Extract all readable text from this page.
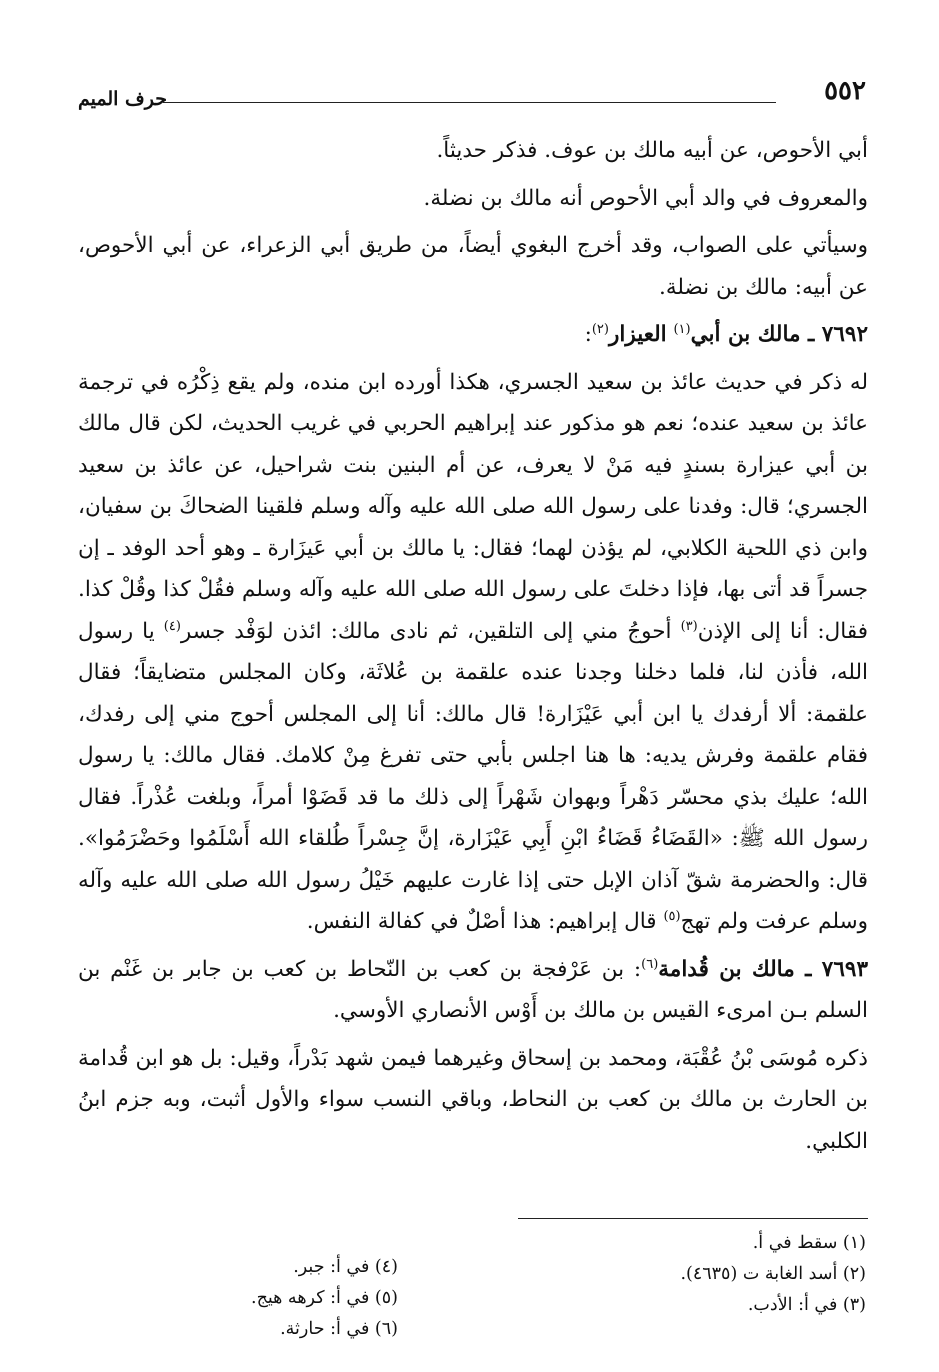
٥٥٢
حرف الميم

أبي الأحوص، عن أبيه مالك بن عوف. فذكر حديثاً.

والمعروف في والد أبي الأحوص أنه مالك بن نضلة.

وسيأتي على الصواب، وقد أخرج البغوي أيضاً، من طريق أبي الزعراء، عن أبي الأحوص، عن أبيه: مالك بن نضلة.

٧٦٩٢ ـ مالك بن أبي$^{(١)}$ العيزار$^{(٢)}$:

له ذكر في حديث عائذ بن سعيد الجسري، هكذا أورده ابن منده، ولم يقع ذِكْرُه في ترجمة عائذ بن سعيد عنده؛ نعم هو مذكور عند إبراهيم الحربي في غريب الحديث، لكن قال مالك بن أبي عيزارة بسندٍ فيه مَنْ لا يعرف، عن أم البنين بنت شراحيل، عن عائذ بن سعيد الجسري؛ قال: وفدنا على رسول الله صلى الله عليه وآله وسلم فلقينا الضحاكَ بن سفيان، وابن ذي اللحية الكلابي، لم يؤذن لهما؛ فقال: يا مالك بن أبي عَيزَارة ـ وهو أحد الوفد ـ إن جسراً قد أتى بها، فإذا دخلتَ على رسول الله صلى الله عليه وآله وسلم فقُلْ كذا وقُلْ كذا. فقال: أنا إلى الإذن$^{(٣)}$ أحوجُ مني إلى التلقين، ثم نادى مالك: ائذن لوَفْد جسر$^{(٤)}$ يا رسول الله، فأذن لنا، فلما دخلنا وجدنا عنده علقمة بن عُلاثَة، وكان المجلس متضايقاً؛ فقال علقمة: ألا أرفدك يا ابن أبي عَيْزَارة! قال مالك: أنا إلى المجلس أحوج مني إلى رفدك، فقام علقمة وفرش يديه: ها هنا اجلس بأبي حتى تفرغ مِنْ كلامك. فقال مالك: يا رسول الله؛ عليك بذي محسّر دَهْراً وبهوان شَهْراً إلى ذلك ما قد قَضَوْا أمراً، وبلغت عُذْراً. فقال رسول الله ﷺ: «القَضَاءُ قَضَاءُ ابْنِ أَبِي عَيْزَارة، إنَّ جِسْراً طُلقاء الله أَسْلَمُوا وحَضْرَمُوا». قال: والحضرمة شقّ آذان الإبل حتى إذا غارت عليهم خَيْلُ رسول الله صلى الله عليه وآله وسلم عرفت ولم تهج$^{(٥)}$ قال إبراهيم: هذا أصْلٌ في كفالة النفس.

٧٦٩٣ ـ مالك بن قُدامة$^{(٦)}$: بن عَرْفجة بن كعب بن النّحاط بن كعب بن جابر بن غَنْم بن السلم بـن امرىء القيس بن مالك بن أَوْس الأنصاري الأوسي.

ذكره مُوسَى بْنُ عُقْبَة، ومحمد بن إسحاق وغيرهما فيمن شهد بَدْراً، وقيل: بل هو ابن قُدامة بن الحارث بن مالك بن كعب بن النحاط، وباقي النسب سواء والأول أثبت، وبه جزم ابنُ الكلبي.

(١) سقط في أ.

(٢) أسد الغابة ت (٤٦٣٥).

(٣) في أ: الأدب.

(٤) في أ: جبر.

(٥) في أ: كرهه هيج.

(٦) في أ: حارثة.
